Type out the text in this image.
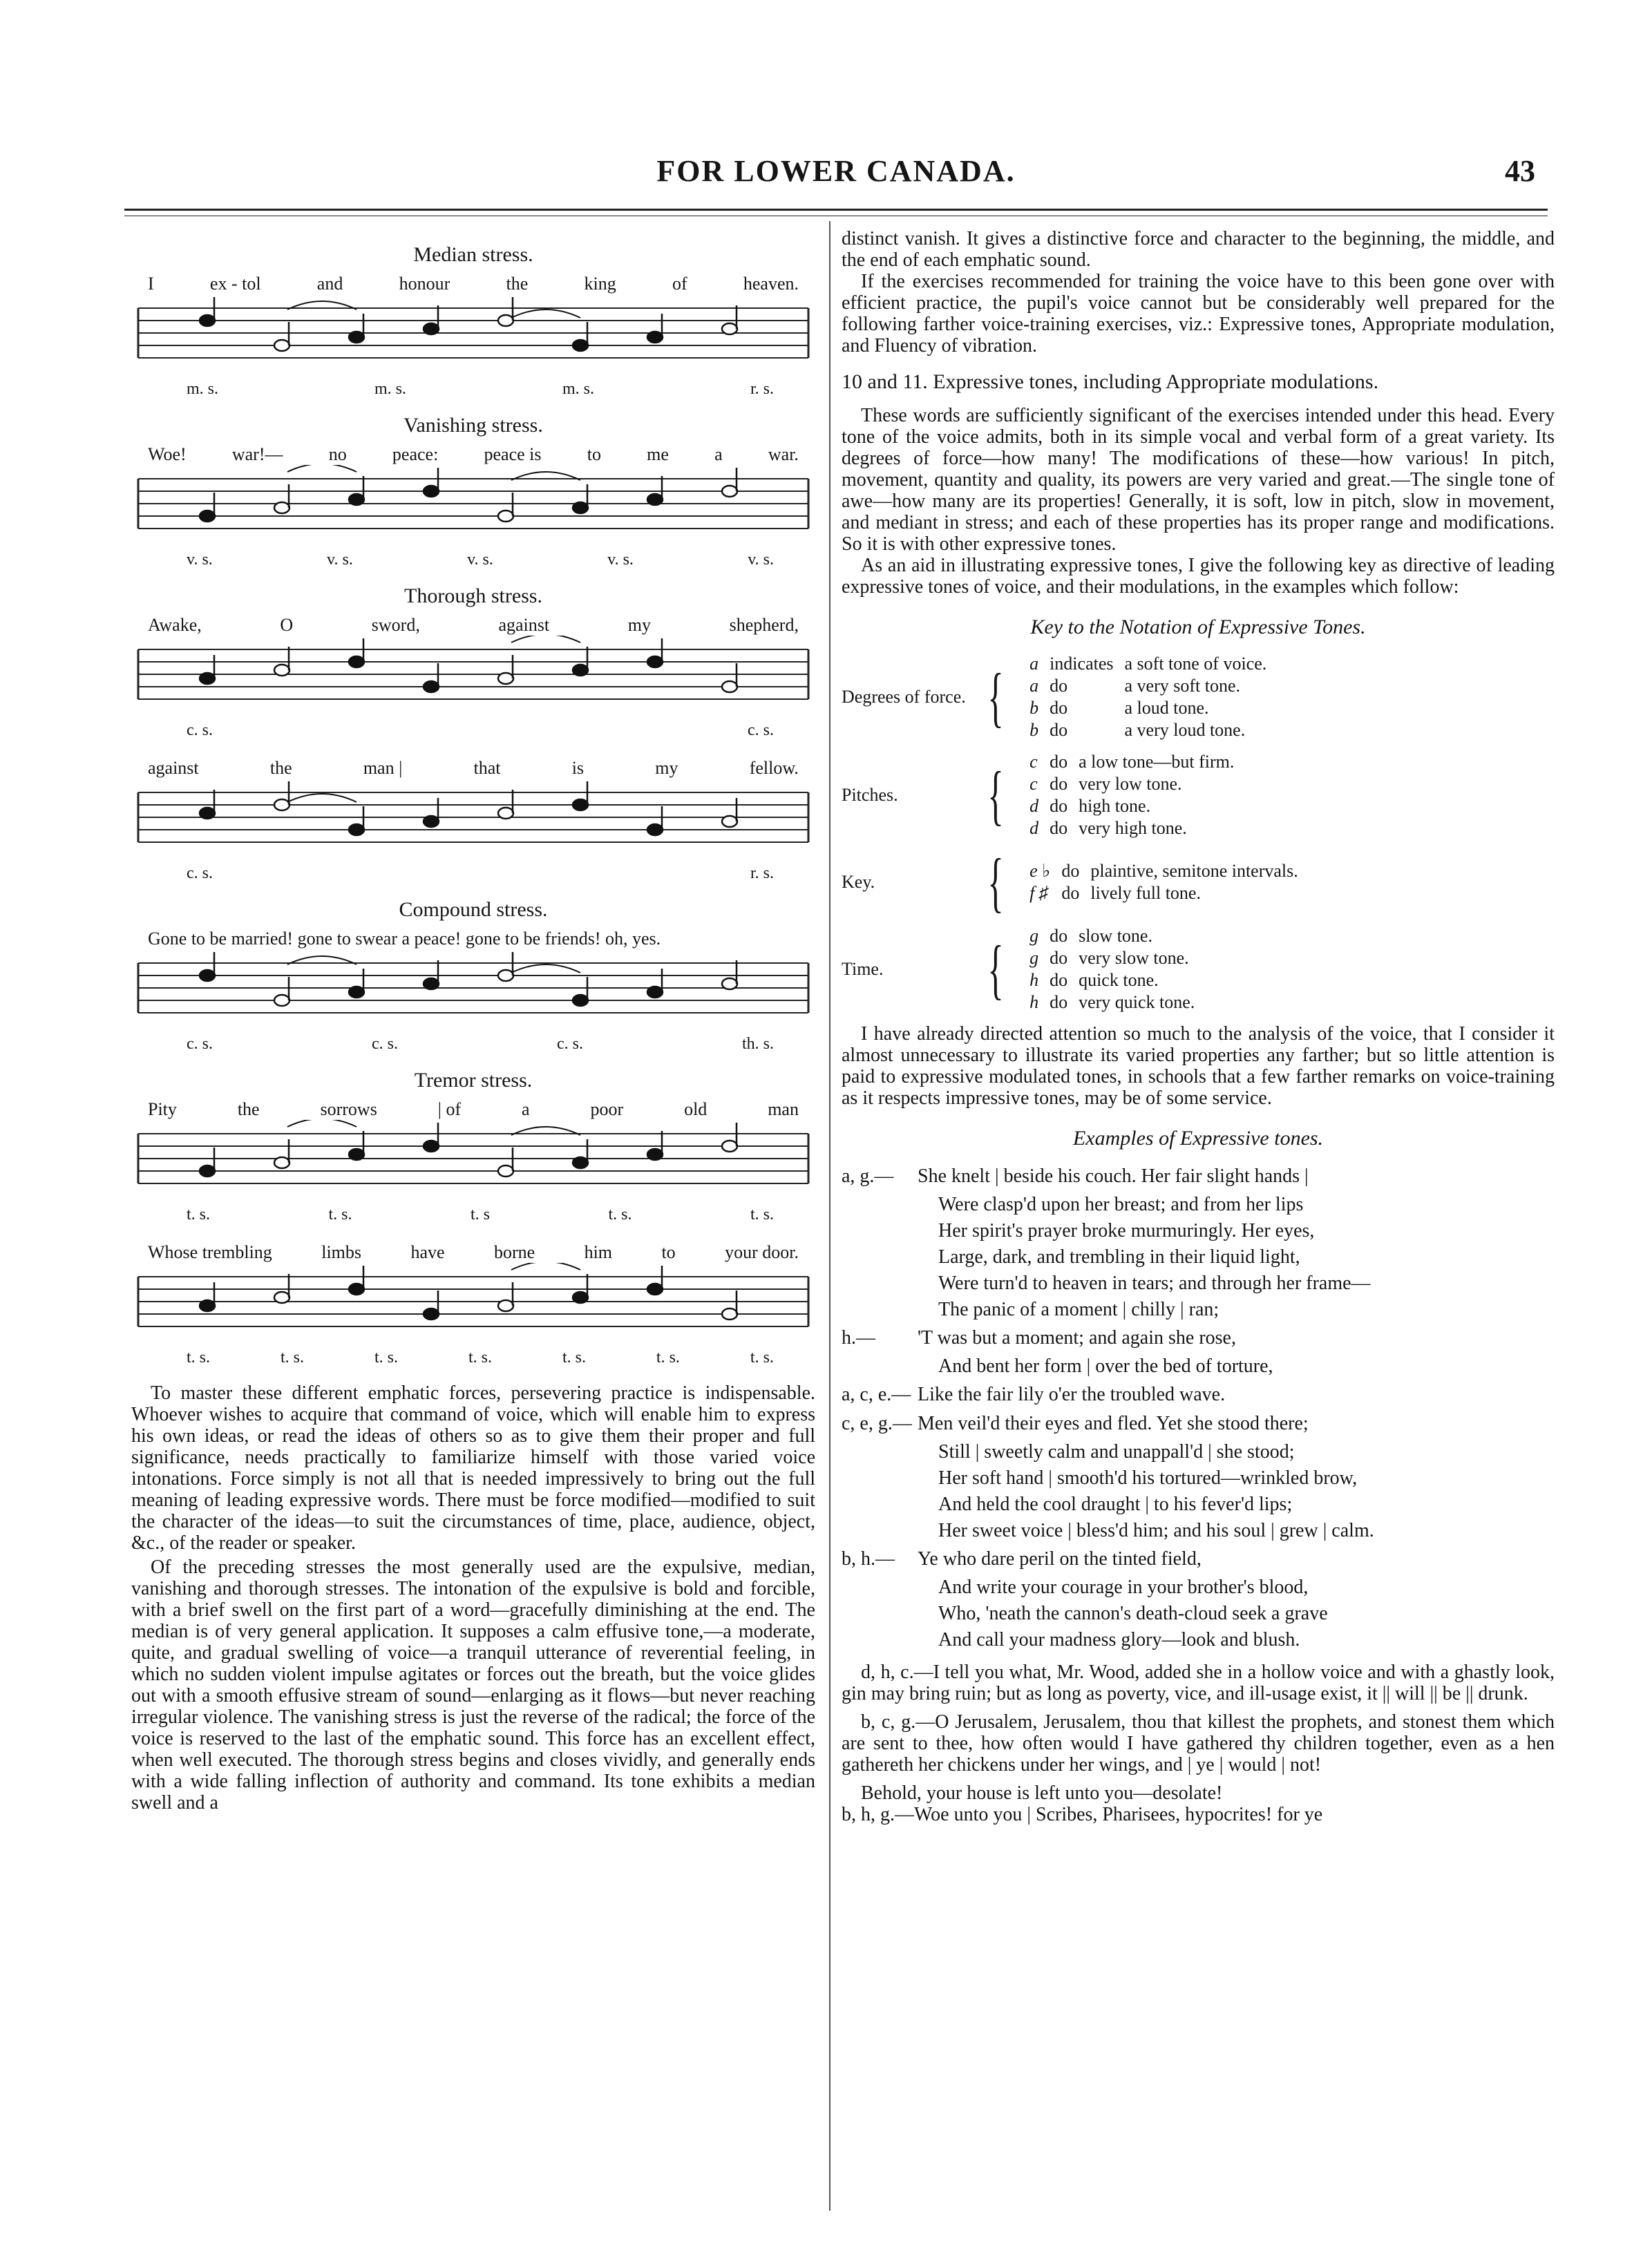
FOR LOWER CANADA.	43
Median stress.
I	ex - tol	and	honour	the	king	of	heaven.
m. s.	m. s.	m. s.	r. s.
Vanishing stress.
Woe!	war!—	no	peace:	peace is	to	me	a	war.
v. s.	v. s.	v. s.	v. s.	v. s.
Thorough stress.
Awake,	O	sword,	against	my	shepherd,
c. s.	c. s.
against	the	man |	that	is	my	fellow.
c. s.	r. s.
Compound stress.
Gone to be married! gone to swear a peace! gone to be friends! oh, yes.
c. s.	c. s.	c. s.	th. s.
Tremor stress.
Pity	the	sorrows	| of	a	poor	old	man
t. s.	t. s.	t. s	t. s.	t. s.
Whose trembling	limbs	have	borne	him	to	your door.
t. s.	t. s.	t. s.	t. s.	t. s.	t. s.	t. s.

To master these different emphatic forces, persevering practice is indispensable. Whoever wishes to acquire that command of voice, which will enable him to express his own ideas, or read the ideas of others so as to give them their proper and full significance, needs practically to familiarize himself with those varied voice intonations. Force simply is not all that is needed impressively to bring out the full meaning of leading expressive words. There must be force modified—modified to suit the character of the ideas—to suit the circumstances of time, place, audience, object, &c., of the reader or speaker.

Of the preceding stresses the most generally used are the expulsive, median, vanishing and thorough stresses. The intonation of the expulsive is bold and forcible, with a brief swell on the first part of a word—gracefully diminishing at the end. The median is of very general application. It supposes a calm effusive tone,—a moderate, quite, and gradual swelling of voice—a tranquil utterance of reverential feeling, in which no sudden violent impulse agitates or forces out the breath, but the voice glides out with a smooth effusive stream of sound—enlarging as it flows—but never reaching irregular violence. The vanishing stress is just the reverse of the radical; the force of the voice is reserved to the last of the emphatic sound. This force has an excellent effect, when well executed. The thorough stress begins and closes vividly, and generally ends with a wide falling inflection of authority and command. Its tone exhibits a median swell and a

distinct vanish. It gives a distinctive force and character to the beginning, the middle, and the end of each emphatic sound.

If the exercises recommended for training the voice have to this been gone over with efficient practice, the pupil's voice cannot but be considerably well prepared for the following farther voice-training exercises, viz.: Expressive tones, Appropriate modulation, and Fluency of vibration.

10 and 11. Expressive tones, including Appropriate modulations.

These words are sufficiently significant of the exercises intended under this head. Every tone of the voice admits, both in its simple vocal and verbal form of a great variety. Its degrees of force—how many! The modifications of these—how various! In pitch, movement, quantity and quality, its powers are very varied and great.—The single tone of awe—how many are its properties! Generally, it is soft, low in pitch, slow in movement, and mediant in stress; and each of these properties has its proper range and modifications. So it is with other expressive tones.

As an aid in illustrating expressive tones, I give the following key as directive of leading expressive tones of voice, and their modulations, in the examples which follow:

Key to the Notation of Expressive Tones.
Degrees of force. { a	indicates	a soft tone of voice.
a	do	a very soft tone.
b	do	a loud tone.
b	do	a very loud tone.
Pitches.	{ c	do	a low tone—but firm.
c	do	very low tone.
d	do	high tone.
d	do	very high tone.
Key.	{ e ♭	do	plaintive, semitone intervals.
f ♯	do	lively full tone.
Time.	{ g	do	slow tone.
g	do	very slow tone.
h	do	quick tone.
h	do	very quick tone.

I have already directed attention so much to the analysis of the voice, that I consider it almost unnecessary to illustrate its varied properties any farther; but so little attention is paid to expressive modulated tones, in schools that a few farther remarks on voice-training as it respects impressive tones, may be of some service.

Examples of Expressive tones.
a, g.— She knelt | beside his couch. Her fair slight hands |
Were clasp'd upon her breast; and from her lips
Her spirit's prayer broke murmuringly. Her eyes,
Large, dark, and trembling in their liquid light,
Were turn'd to heaven in tears; and through her frame—
The panic of a moment | chilly | ran;
h.— 'T was but a moment; and again she rose,
And bent her form | over the bed of torture,
a, c, e.— Like the fair lily o'er the troubled wave.
c, e, g.— Men veil'd their eyes and fled. Yet she stood there;
Still | sweetly calm and unappall'd | she stood;
Her soft hand | smooth'd his tortured—wrinkled brow,
And held the cool draught | to his fever'd lips;
Her sweet voice | bless'd him; and his soul | grew | calm.
b, h.— Ye who dare peril on the tinted field,
And write your courage in your brother's blood,
Who, 'neath the cannon's death-cloud seek a grave
And call your madness glory—look and blush.

d, h, c.—I tell you what, Mr. Wood, added she in a hollow voice and with a ghastly look, gin may bring ruin; but as long as poverty, vice, and ill-usage exist, it || will || be || drunk.

b, c, g.—O Jerusalem, Jerusalem, thou that killest the prophets, and stonest them which are sent to thee, how often would I have gathered thy children together, even as a hen gathereth her chickens under her wings, and | ye | would | not!

Behold, your house is left unto you—desolate!

b, h, g.—Woe unto you | Scribes, Pharisees, hypocrites! for ye
